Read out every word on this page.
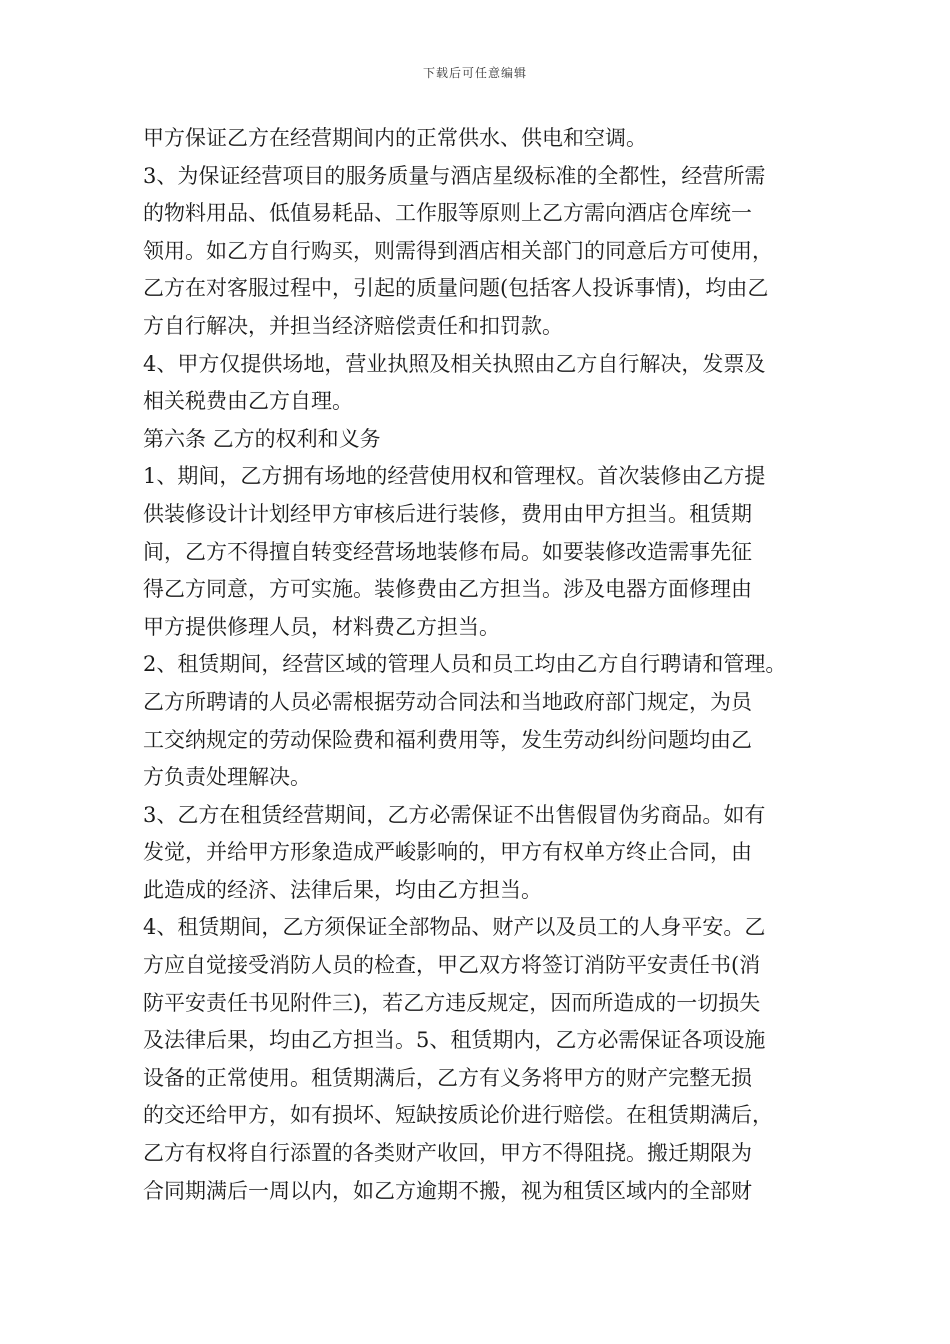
下载后可任意编辑
甲方保证乙方在经营期间内的正常供水、供电和空调。
3、为保证经营项目的服务质量与酒店星级标准的全都性，经营所需
的物料用品、低值易耗品、工作服等原则上乙方需向酒店仓库统一
领用。如乙方自行购买，则需得到酒店相关部门的同意后方可使用，
乙方在对客服过程中，引起的质量问题(包括客人投诉事情)，均由乙
方自行解决，并担当经济赔偿责任和扣罚款。
4、甲方仅提供场地，营业执照及相关执照由乙方自行解决，发票及
相关税费由乙方自理。
第六条 乙方的权利和义务
1、期间，乙方拥有场地的经营使用权和管理权。首次装修由乙方提
供装修设计计划经甲方审核后进行装修，费用由甲方担当。租赁期
间，乙方不得擅自转变经营场地装修布局。如要装修改造需事先征
得乙方同意，方可实施。装修费由乙方担当。涉及电器方面修理由
甲方提供修理人员，材料费乙方担当。
2、租赁期间，经营区域的管理人员和员工均由乙方自行聘请和管理。
乙方所聘请的人员必需根据劳动合同法和当地政府部门规定，为员
工交纳规定的劳动保险费和福利费用等，发生劳动纠纷问题均由乙
方负责处理解决。
3、乙方在租赁经营期间，乙方必需保证不出售假冒伪劣商品。如有
发觉，并给甲方形象造成严峻影响的，甲方有权单方终止合同，由
此造成的经济、法律后果，均由乙方担当。
4、租赁期间，乙方须保证全部物品、财产以及员工的人身平安。乙
方应自觉接受消防人员的检查，甲乙双方将签订消防平安责任书(消
防平安责任书见附件三)，若乙方违反规定，因而所造成的一切损失
及法律后果，均由乙方担当。5、租赁期内，乙方必需保证各项设施
设备的正常使用。租赁期满后，乙方有义务将甲方的财产完整无损
的交还给甲方，如有损坏、短缺按质论价进行赔偿。在租赁期满后，
乙方有权将自行添置的各类财产收回，甲方不得阻挠。搬迁期限为
合同期满后一周以内，如乙方逾期不搬，视为租赁区域内的全部财
